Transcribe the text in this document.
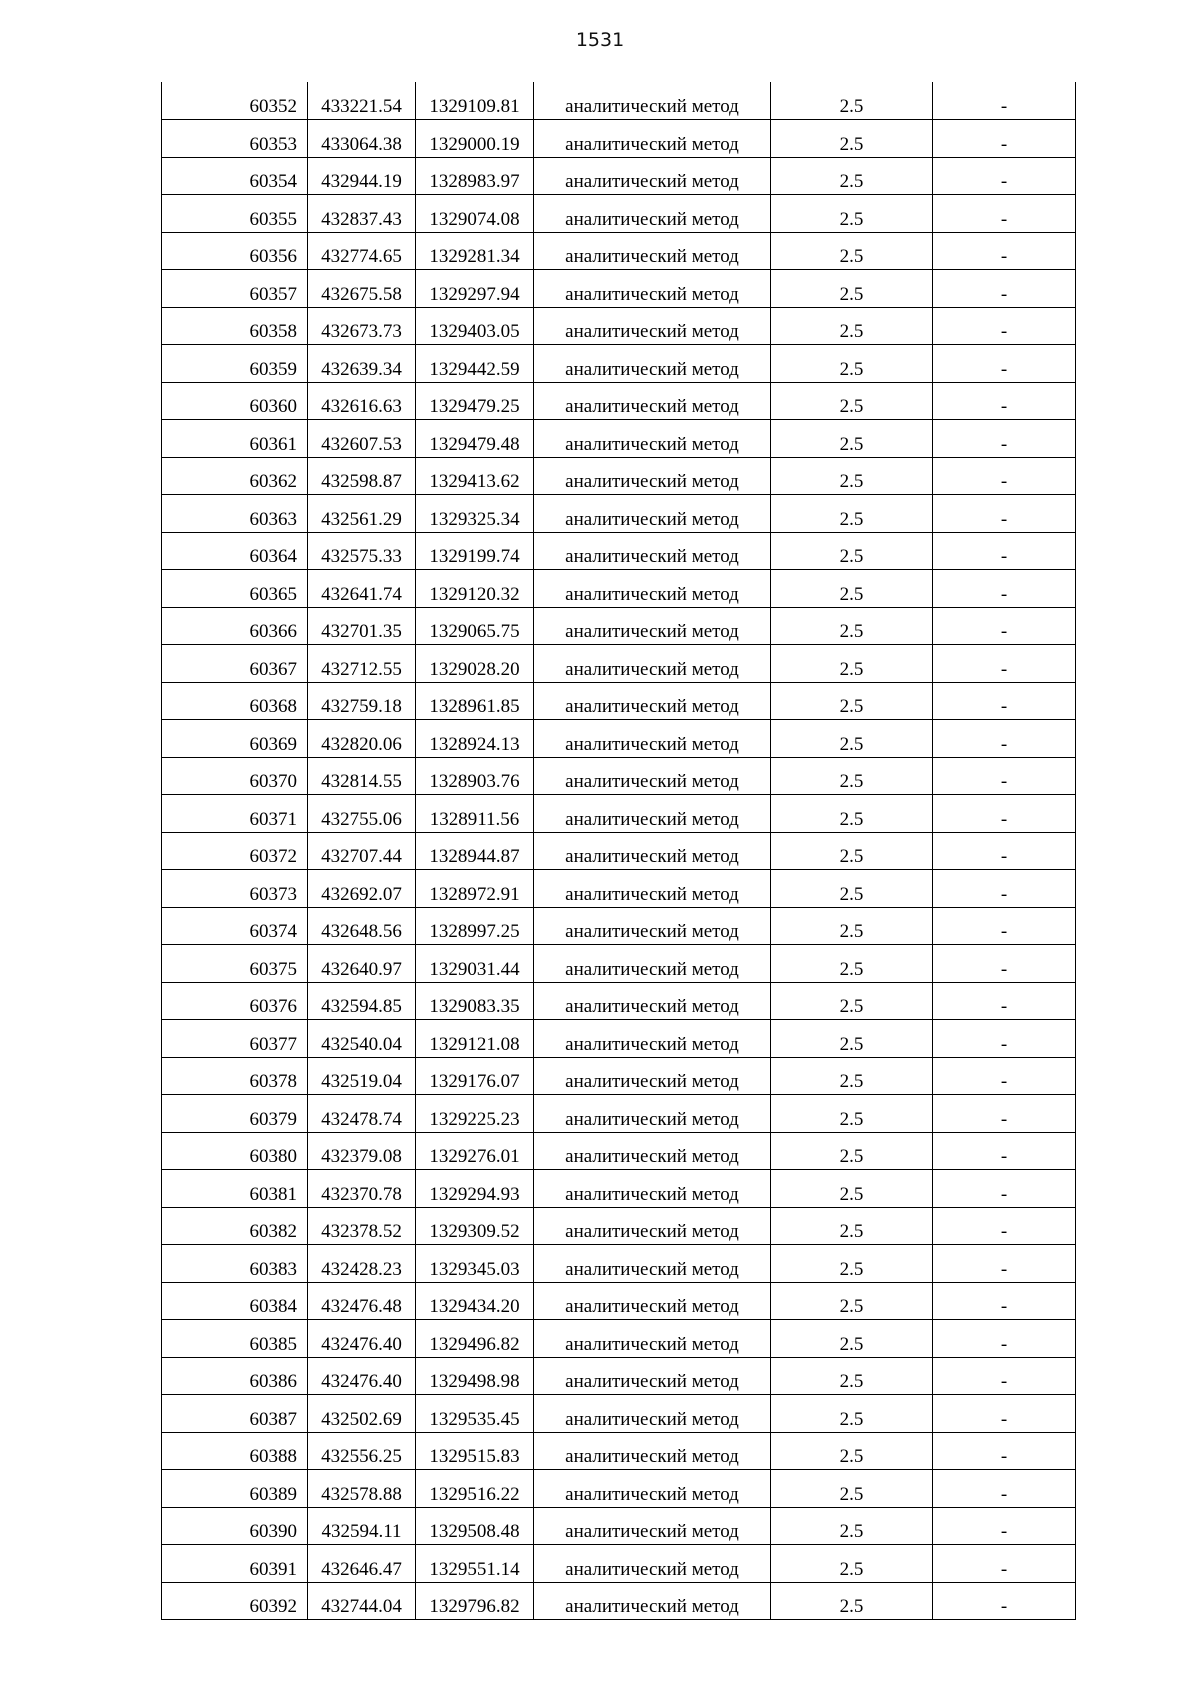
1531
60352	433221.54	1329109.81	аналитический метод	2.5	-
60353	433064.38	1329000.19	аналитический метод	2.5	-
60354	432944.19	1328983.97	аналитический метод	2.5	-
60355	432837.43	1329074.08	аналитический метод	2.5	-
60356	432774.65	1329281.34	аналитический метод	2.5	-
60357	432675.58	1329297.94	аналитический метод	2.5	-
60358	432673.73	1329403.05	аналитический метод	2.5	-
60359	432639.34	1329442.59	аналитический метод	2.5	-
60360	432616.63	1329479.25	аналитический метод	2.5	-
60361	432607.53	1329479.48	аналитический метод	2.5	-
60362	432598.87	1329413.62	аналитический метод	2.5	-
60363	432561.29	1329325.34	аналитический метод	2.5	-
60364	432575.33	1329199.74	аналитический метод	2.5	-
60365	432641.74	1329120.32	аналитический метод	2.5	-
60366	432701.35	1329065.75	аналитический метод	2.5	-
60367	432712.55	1329028.20	аналитический метод	2.5	-
60368	432759.18	1328961.85	аналитический метод	2.5	-
60369	432820.06	1328924.13	аналитический метод	2.5	-
60370	432814.55	1328903.76	аналитический метод	2.5	-
60371	432755.06	1328911.56	аналитический метод	2.5	-
60372	432707.44	1328944.87	аналитический метод	2.5	-
60373	432692.07	1328972.91	аналитический метод	2.5	-
60374	432648.56	1328997.25	аналитический метод	2.5	-
60375	432640.97	1329031.44	аналитический метод	2.5	-
60376	432594.85	1329083.35	аналитический метод	2.5	-
60377	432540.04	1329121.08	аналитический метод	2.5	-
60378	432519.04	1329176.07	аналитический метод	2.5	-
60379	432478.74	1329225.23	аналитический метод	2.5	-
60380	432379.08	1329276.01	аналитический метод	2.5	-
60381	432370.78	1329294.93	аналитический метод	2.5	-
60382	432378.52	1329309.52	аналитический метод	2.5	-
60383	432428.23	1329345.03	аналитический метод	2.5	-
60384	432476.48	1329434.20	аналитический метод	2.5	-
60385	432476.40	1329496.82	аналитический метод	2.5	-
60386	432476.40	1329498.98	аналитический метод	2.5	-
60387	432502.69	1329535.45	аналитический метод	2.5	-
60388	432556.25	1329515.83	аналитический метод	2.5	-
60389	432578.88	1329516.22	аналитический метод	2.5	-
60390	432594.11	1329508.48	аналитический метод	2.5	-
60391	432646.47	1329551.14	аналитический метод	2.5	-
60392	432744.04	1329796.82	аналитический метод	2.5	-
